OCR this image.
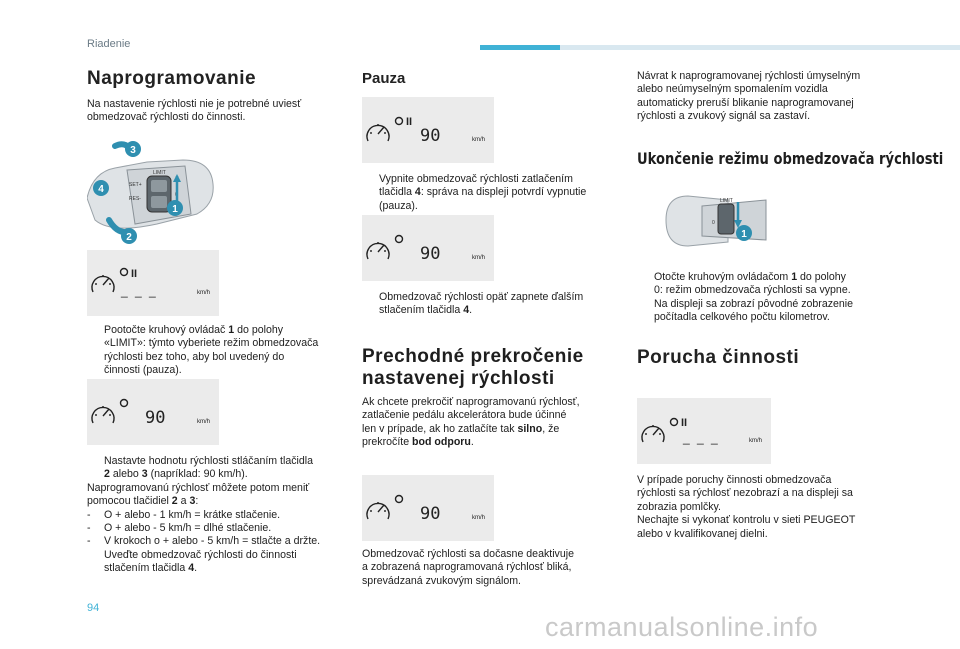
Riadenie
Naprogramovanie
Na nastavenie rýchlosti nie je potrebné uviesť obmedzovač rýchlosti do činnosti.
LIMIT
SET+
RES-
0
3
4
1
2
II
_ _ _	km/h
Pootočte kruhový ovládač 1 do polohy
«LIMIT»: týmto vyberiete režim obmedzovača
rýchlosti bez toho, aby bol uvedený do
činnosti (pauza).
90	km/h
Nastavte hodnotu rýchlosti stláčaním tlačidla
2 alebo 3 (napríklad: 90 km/h).
Naprogramovanú rýchlosť môžete potom meniť
pomocou tlačidiel 2 a 3:
- O + alebo - 1 km/h = krátke stlačenie.
- O + alebo - 5 km/h = dlhé stlačenie.
- V krokoch o + alebo - 5 km/h = stlačte a držte.
Uveďte obmedzovač rýchlosti do činnosti
stlačením tlačidla 4.
Pauza
II
90	km/h
Vypnite obmedzovač rýchlosti zatlačením
tlačidla 4: správa na displeji potvrdí vypnutie
(pauza).
90	km/h
Obmedzovač rýchlosti opäť zapnete ďalším
stlačením tlačidla 4.
Prechodné prekročenie
nastavenej rýchlosti
Ak chcete prekročiť naprogramovanú rýchlosť,
zatlačenie pedálu akcelerátora bude účinné
len v prípade, ak ho zatlačíte tak silno, že
prekročíte bod odporu.
90	km/h
Obmedzovač rýchlosti sa dočasne deaktivuje
a zobrazená naprogramovaná rýchlosť bliká,
sprevádzaná zvukovým signálom.
Návrat k naprogramovanej rýchlosti úmyselným
alebo neúmyselným spomalením vozidla
automaticky preruší blikanie naprogramovanej
rýchlosti a zvukový signál sa zastaví.
Ukončenie režimu obmedzovača rýchlosti
LIMIT
0
1
Otočte kruhovým ovládačom 1 do polohy
0: režim obmedzovača rýchlosti sa vypne.
Na displeji sa zobrazí pôvodné zobrazenie
počítadla celkového počtu kilometrov.
Porucha činnosti
II
_ _ _	km/h
V prípade poruchy činnosti obmedzovača
rýchlosti sa rýchlosť nezobrazí a na displeji sa
zobrazia pomlčky.
Nechajte si vykonať kontrolu v sieti PEUGEOT
alebo v kvalifikovanej dielni.
94
carmanualsonline.info
